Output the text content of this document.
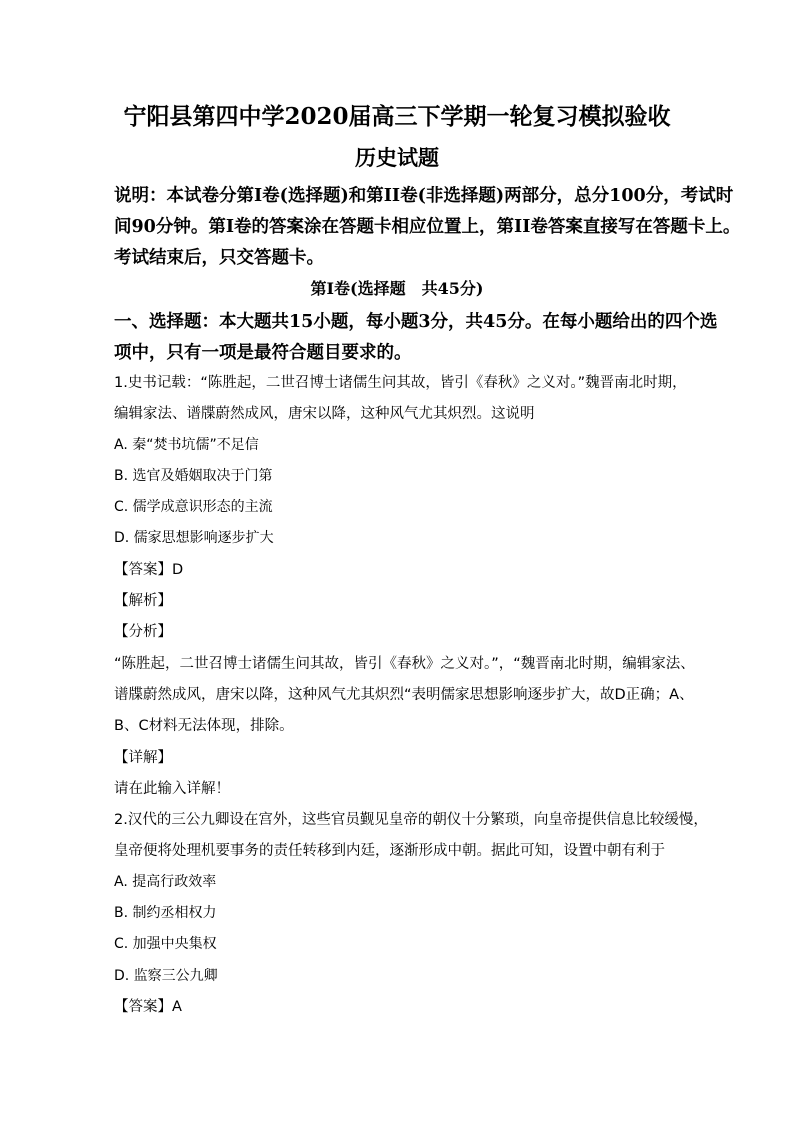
宁阳县第四中学2020届高三下学期一轮复习模拟验收
历史试题
说明：本试卷分第I卷(选择题)和第II卷(非选择题)两部分，总分100分，考试时
间90分钟。第I卷的答案涂在答题卡相应位置上，第II卷答案直接写在答题卡上。
考试结束后，只交答题卡。
第I卷(选择题　共45分)
一、选择题：本大题共15小题，每小题3分，共45分。在每小题给出的四个选
项中，只有一项是最符合题目要求的。
1.史书记载：“陈胜起，二世召博士诸儒生问其故，皆引《春秋》之义对。”魏晋南北时期，
编辑家法、谱牒蔚然成风，唐宋以降，这种风气尤其炽烈。这说明
A. 秦“焚书坑儒”不足信
B. 选官及婚姻取决于门第
C. 儒学成意识形态的主流
D. 儒家思想影响逐步扩大
【答案】D
【解析】
【分析】
“陈胜起，二世召博士诸儒生问其故，皆引《春秋》之义对。”，“魏晋南北时期，编辑家法、
谱牒蔚然成风，唐宋以降，这种风气尤其炽烈“表明儒家思想影响逐步扩大，故D正确；A、
B、C材料无法体现，排除。
【详解】
请在此输入详解！
2.汉代的三公九卿设在宫外，这些官员觐见皇帝的朝仪十分繁琐，向皇帝提供信息比较缓慢，
皇帝便将处理机要事务的责任转移到内廷，逐渐形成中朝。据此可知，设置中朝有利于
A. 提高行政效率
B. 制约丞相权力
C. 加强中央集权
D. 监察三公九卿
【答案】A
